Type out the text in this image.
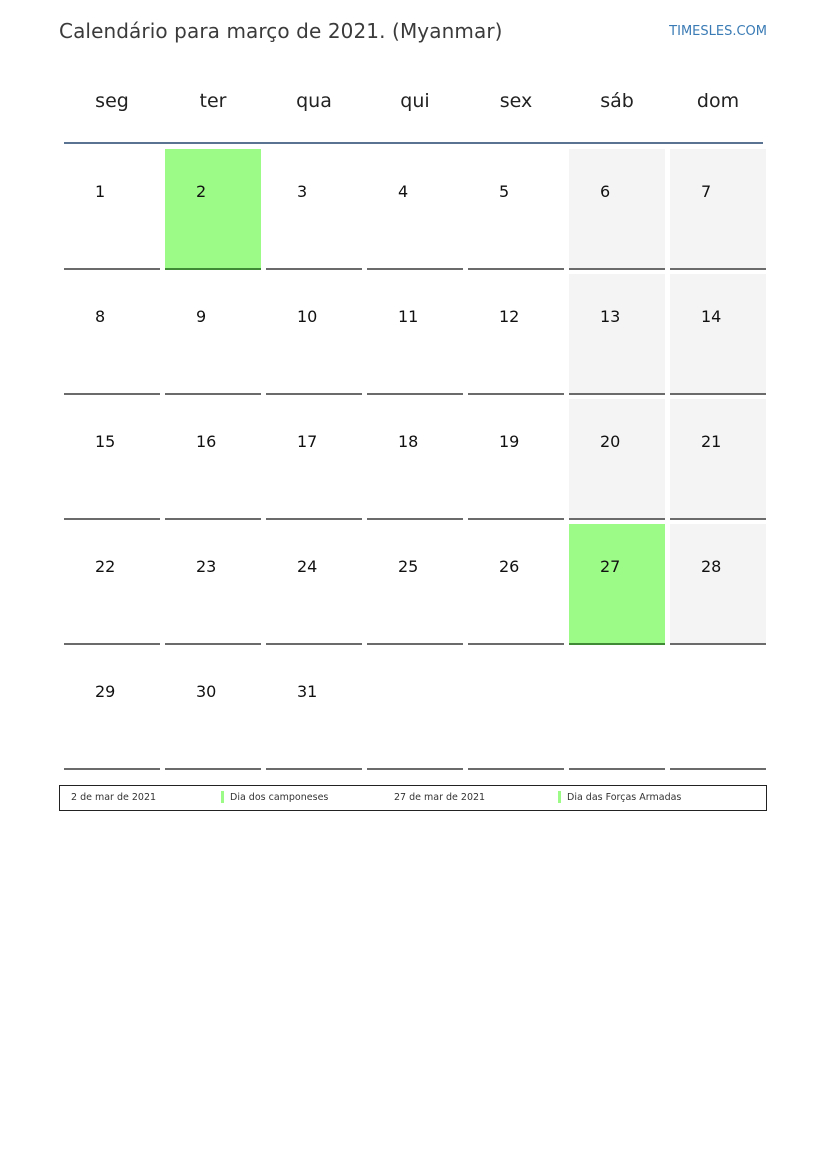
Calendário para março de 2021. (Myanmar)	TIMESLES.COM
seg	ter	qua	qui	sex	sáb	dom
1	2	3	4	5	6	7
8	9	10	11	12	13	14
15	16	17	18	19	20	21
22	23	24	25	26	27	28
29	30	31
2 de mar de 2021	Dia dos camponeses	27 de mar de 2021	Dia das Forças Armadas
